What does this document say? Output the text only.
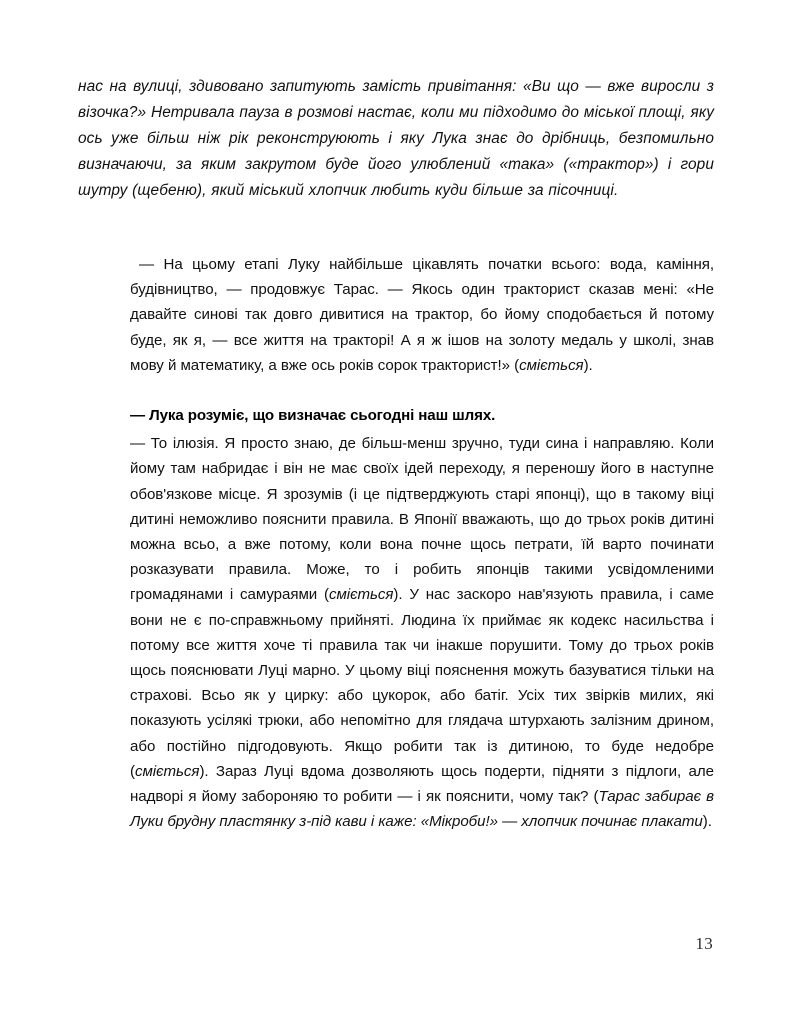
нас на вулиці, здивовано запитують замість привітання: «Ви що — вже виросли з візочка?» Нетривала пауза в розмові настає, коли ми підходимо до міської площі, яку ось уже більш ніж рік реконструюють і яку Лука знає до дрібниць, безпомильно визначаючи, за яким закрутом буде його улюблений «така» («трактор») і гори шутру (щебеню), який міський хлопчик любить куди більше за пісочниці.

— На цьому етапі Луку найбільше цікавлять початки всього: вода, каміння, будівництво, — продовжує Тарас. — Якось один тракторист сказав мені: «Не давайте синові так довго дивитися на трактор, бо йому сподобається й потому буде, як я, — все життя на тракторі! А я ж ішов на золоту медаль у школі, знав мову й математику, а вже ось років сорок тракторист!» (сміється).

— Лука розуміє, що визначає сьогодні наш шлях.

— То ілюзія. Я просто знаю, де більш-менш зручно, туди сина і направляю. Коли йому там набридає і він не має своїх ідей переходу, я переношу його в наступне обов'язкове місце. Я зрозумів (і це підтверджують старі японці), що в такому віці дитині неможливо пояснити правила. В Японії вважають, що до трьох років дитині можна всьо, а вже потому, коли вона почне щось петрати, їй варто починати розказувати правила. Може, то і робить японців такими усвідомленими громадянами і самураями (сміється). У нас заскоро нав'язують правила, і саме вони не є по-справжньому прийняті. Людина їх приймає як кодекс насильства і потому все життя хоче ті правила так чи інакше порушити. Тому до трьох років щось пояснювати Луці марно. У цьому віці пояснення можуть базуватися тільки на страхові. Всьо як у цирку: або цукорок, або батіг. Усіх тих звірків милих, які показують усілякі трюки, або непомітно для глядача штурхають залізним дрином, або постійно підгодовують. Якщо робити так із дитиною, то буде недобре (сміється). Зараз Луці вдома дозволяють щось подерти, підняти з підлоги, але надворі я йому забороняю то робити — і як пояснити, чому так? (Тарас забирає в Луки брудну пластянку з-під кави і каже: «Мікроби!» — хлопчик починає плакати).

13
